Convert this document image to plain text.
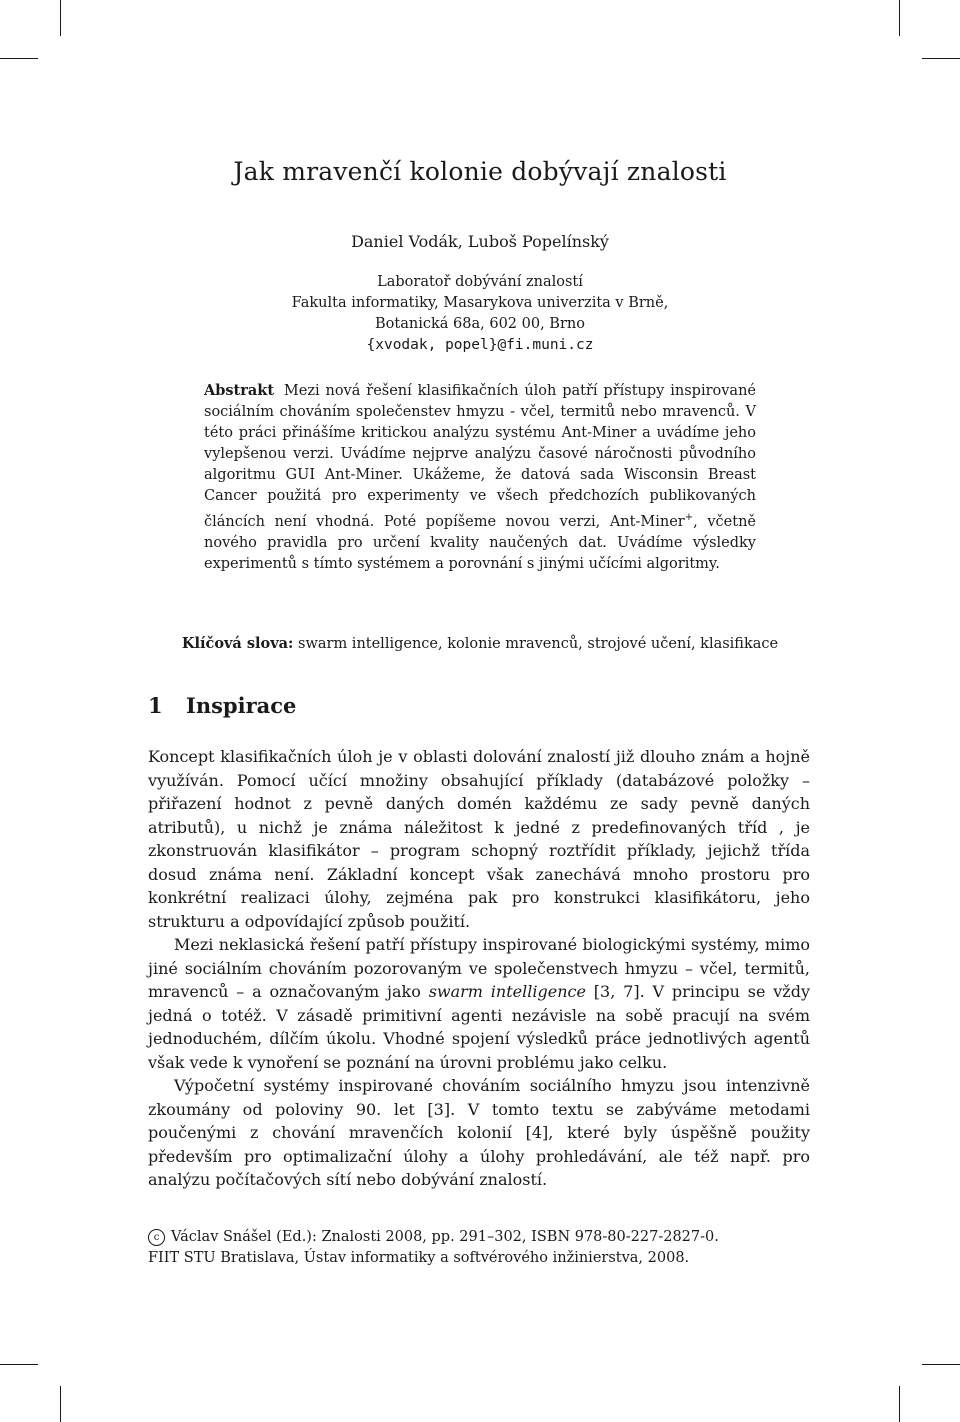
Jak mravenčí kolonie dobývají znalosti
Daniel Vodák, Luboš Popelínský
Laboratoř dobývání znalostí
Fakulta informatiky, Masarykova univerzita v Brně,
Botanická 68a, 602 00, Brno
{xvodak, popel}@fi.muni.cz
Abstrakt Mezi nová řešení klasifikačních úloh patří přístupy inspirované sociálním chováním společenstev hmyzu - včel, termitů nebo mravenců. V této práci přinášíme kritickou analýzu systému Ant-Miner a uvádíme jeho vylepšenou verzi. Uvádíme nejprve analýzu časové náročnosti původního algoritmu GUI Ant-Miner. Ukážeme, že datová sada Wisconsin Breast Cancer použitá pro experimenty ve všech předchozích publikovaných článcích není vhodná. Poté popíšeme novou verzi, Ant-Miner+, včetně nového pravidla pro určení kvality naučených dat. Uvádíme výsledky experimentů s tímto systémem a porovnání s jinými učícími algoritmy.
Klíčová slova: swarm intelligence, kolonie mravenců, strojové učení, klasifikace
1 Inspirace

Koncept klasifikačních úloh je v oblasti dolování znalostí již dlouho znám a hojně využíván. Pomocí učící množiny obsahující příklady (databázové položky – přiřazení hodnot z pevně daných domén každému ze sady pevně daných atributů), u nichž je známa náležitost k jedné z predefinovaných tříd , je zkonstruován klasifikátor – program schopný roztřídit příklady, jejichž třída dosud známa není. Základní koncept však zanechává mnoho prostoru pro konkrétní realizaci úlohy, zejména pak pro konstrukci klasifikátoru, jeho strukturu a odpovídající způsob použití.

Mezi neklasická řešení patří přístupy inspirované biologickými systémy, mimo jiné sociálním chováním pozorovaným ve společenstvech hmyzu – včel, termitů, mravenců – a označovaným jako swarm intelligence [3, 7]. V principu se vždy jedná o totéž. V zásadě primitivní agenti nezávisle na sobě pracují na svém jednoduchém, dílčím úkolu. Vhodné spojení výsledků práce jednotlivých agentů však vede k vynoření se poznání na úrovni problému jako celku.

Výpočetní systémy inspirované chováním sociálního hmyzu jsou intenzivně zkoumány od poloviny 90. let [3]. V tomto textu se zabýváme metodami poučenými z chování mravenčích kolonií [4], které byly úspěšně použity především pro optimalizační úlohy a úlohy prohledávání, ale též např. pro analýzu počítačových sítí nebo dobývání znalostí.

c Václav Snášel (Ed.): Znalosti 2008, pp. 291–302, ISBN 978-80-227-2827-0.
FIIT STU Bratislava, Ústav informatiky a softvérového inžinierstva, 2008.
